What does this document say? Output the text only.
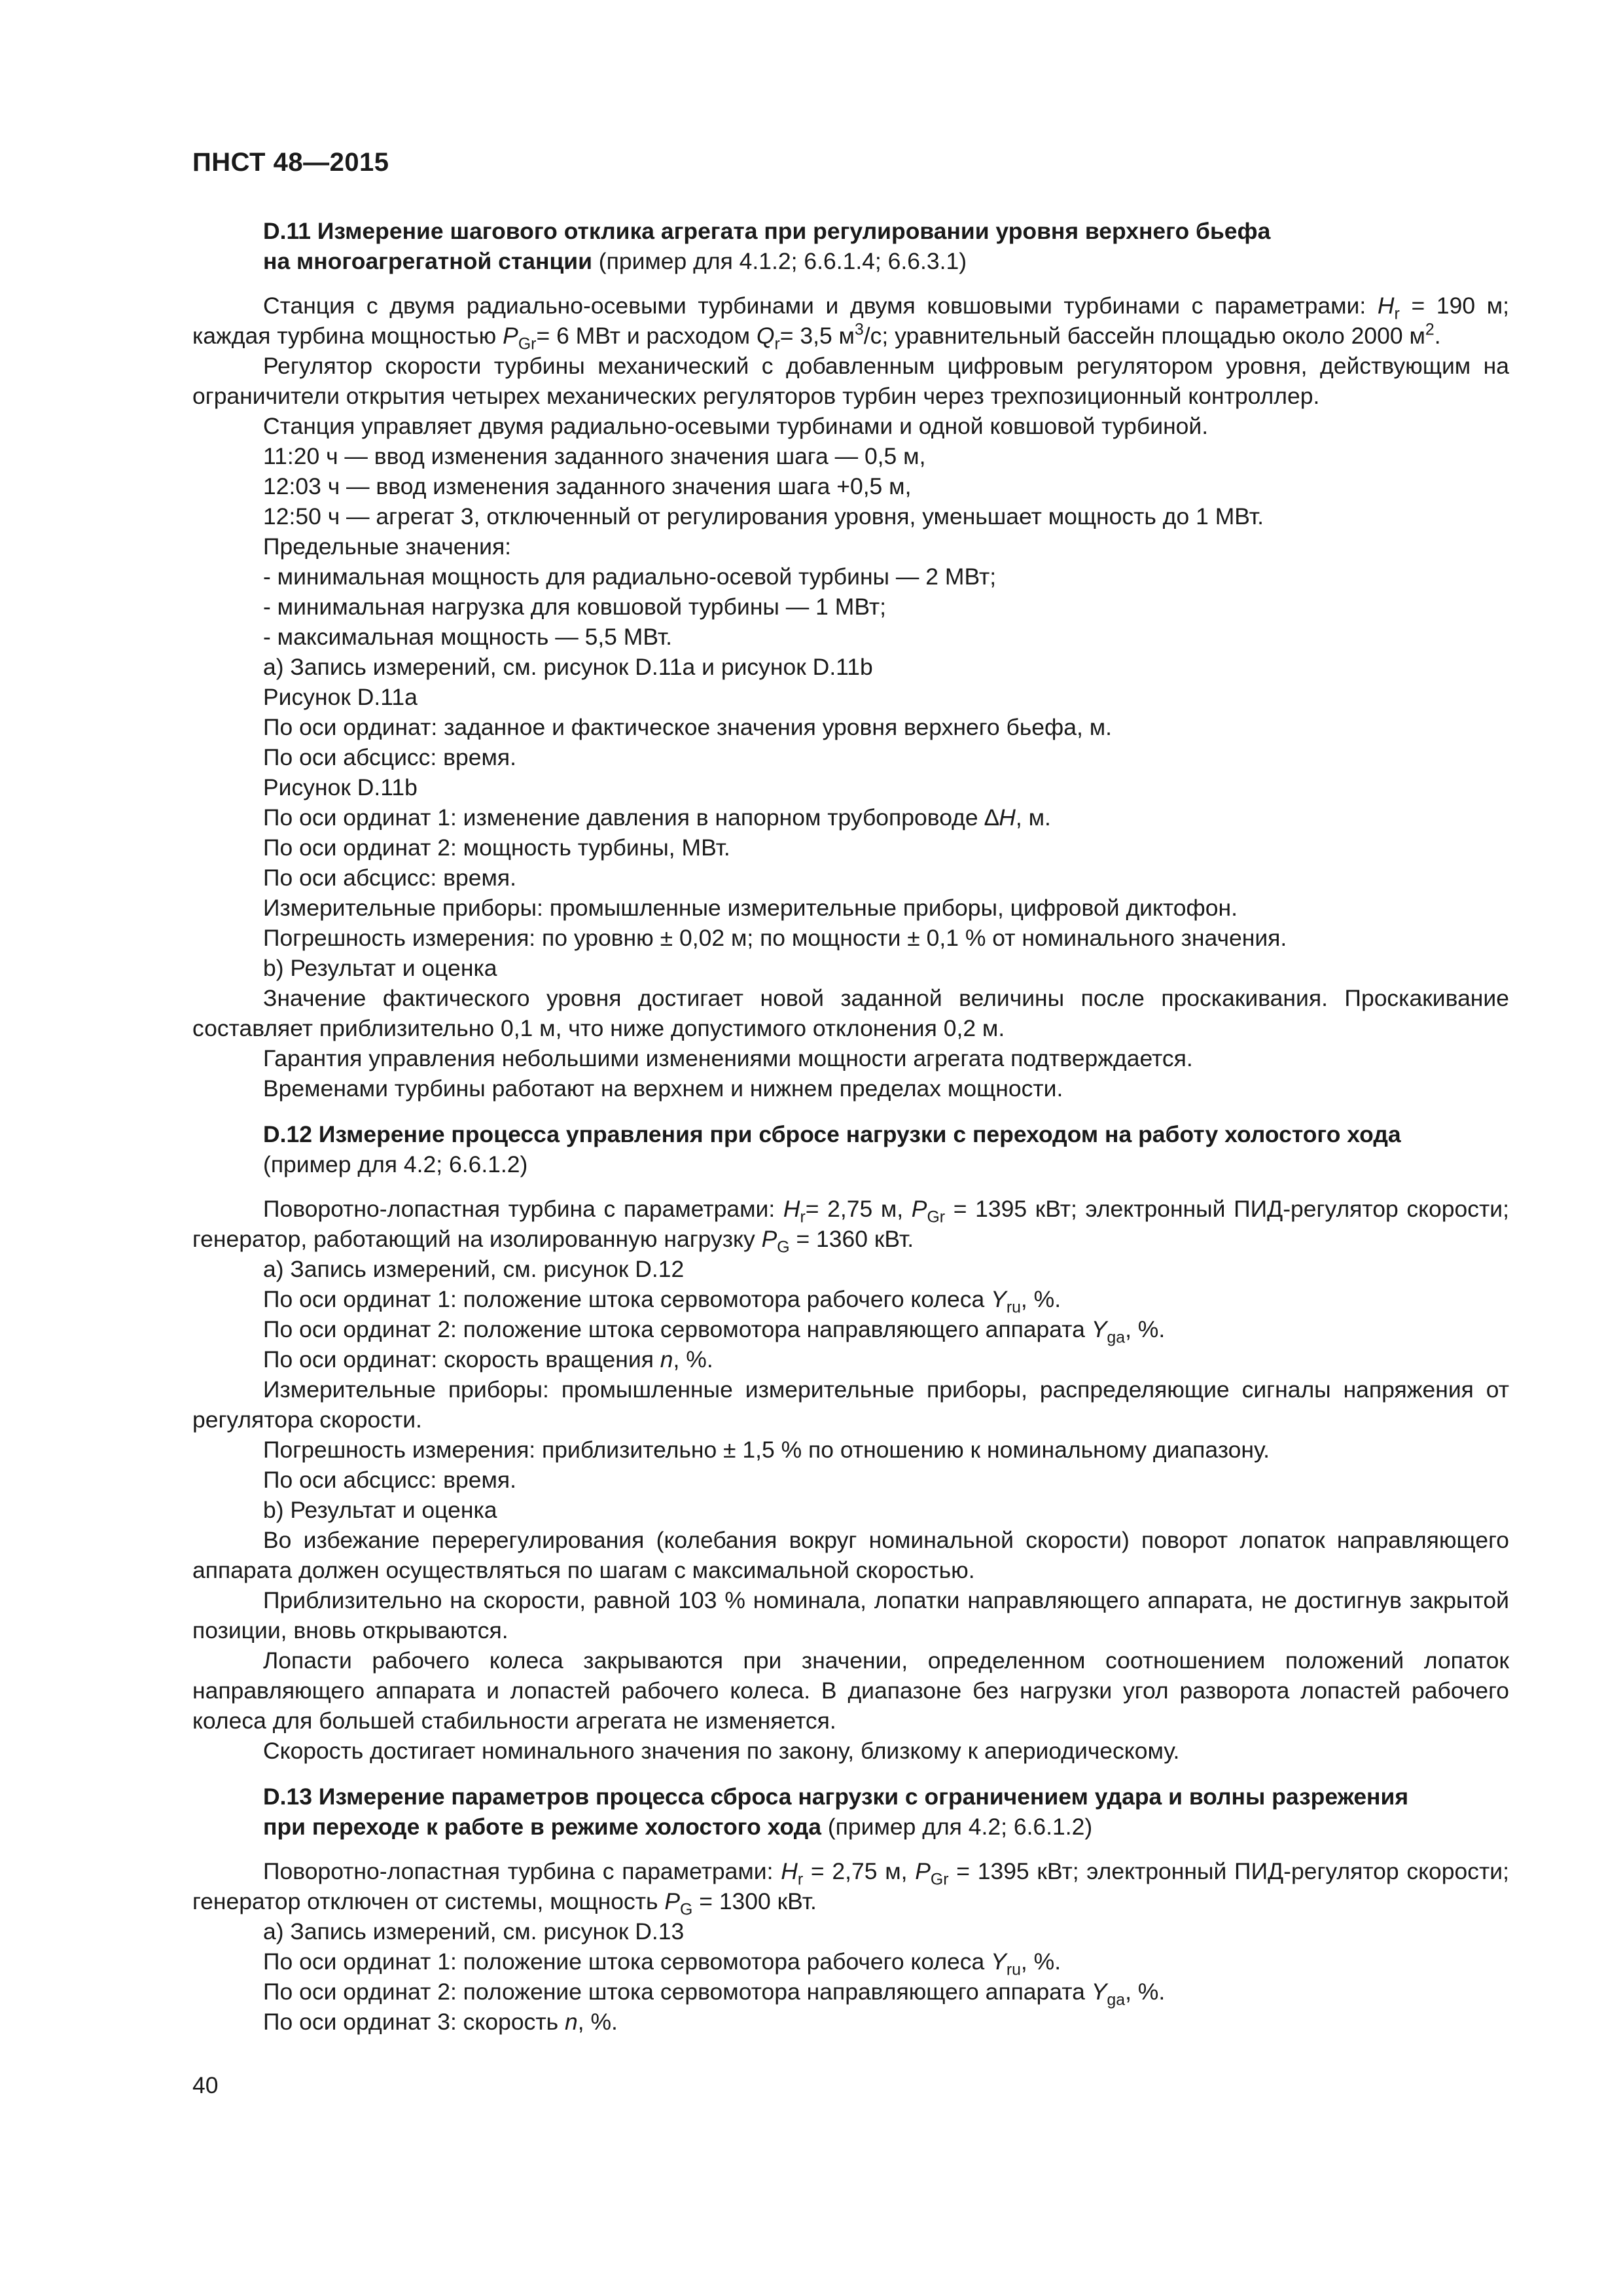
ПНСТ 48—2015
D.11 Измерение шагового отклика агрегата при регулировании уровня верхнего бьефа
на многоагрегатной станции (пример для 4.1.2; 6.6.1.4; 6.6.3.1)

Станция с двумя радиально-осевыми турбинами и двумя ковшовыми турбинами с параметрами: $H_r = 190$ м; каждая турбина мощностью $P_{Gr}= 6$ МВт и расходом $Q_r= 3,5$ $м^3/с$; уравнительный бассейн площадью около 2000 $м^2$.

Регулятор скорости турбины механический с добавленным цифровым регулятором уровня, действующим на ограничители открытия четырех механических регуляторов турбин через трехпозиционный контроллер.

Станция управляет двумя радиально-осевыми турбинами и одной ковшовой турбиной.

11:20 ч — ввод изменения заданного значения шага — 0,5 м,

12:03 ч — ввод изменения заданного значения шага +0,5 м,

12:50 ч — агрегат 3, отключенный от регулирования уровня, уменьшает мощность до 1 МВт.

Предельные значения:

- минимальная мощность для радиально-осевой турбины — 2 МВт;

- минимальная нагрузка для ковшовой турбины — 1 МВт;

- максимальная мощность — 5,5 МВт.

a) Запись измерений, см. рисунок D.11a и рисунок D.11b

Рисунок D.11a

По оси ординат: заданное и фактическое значения уровня верхнего бьефа, м.

По оси абсцисс: время.

Рисунок D.11b

По оси ординат 1: изменение давления в напорном трубопроводе ∆H, м.

По оси ординат 2: мощность турбины, МВт.

По оси абсцисс: время.

Измерительные приборы: промышленные измерительные приборы, цифровой диктофон.

Погрешность измерения: по уровню ± 0,02 м; по мощности ± 0,1 % от номинального значения.

b) Результат и оценка

Значение фактического уровня достигает новой заданной величины после проскакивания. Проскакивание составляет приблизительно 0,1 м, что ниже допустимого отклонения 0,2 м.

Гарантия управления небольшими изменениями мощности агрегата подтверждается.

Временами турбины работают на верхнем и нижнем пределах мощности.

D.12 Измерение процесса управления при сбросе нагрузки с переходом на работу холостого хода
(пример для 4.2; 6.6.1.2)

Поворотно-лопастная турбина с параметрами: $H_r= 2,75$ м, $P_{Gr} = 1395$ кВт; электронный ПИД-регулятор скорости; генератор, работающий на изолированную нагрузку $P_G = 1360$ кВт.

a) Запись измерений, см. рисунок D.12

По оси ординат 1: положение штока сервомотора рабочего колеса $Y_{ru}$, %.

По оси ординат 2: положение штока сервомотора направляющего аппарата $Y_{ga}$, %.

По оси ординат: скорость вращения n, %.

Измерительные приборы: промышленные измерительные приборы, распределяющие сигналы напряжения от регулятора скорости.

Погрешность измерения: приблизительно ± 1,5 % по отношению к номинальному диапазону.

По оси абсцисс: время.

b) Результат и оценка

Во избежание перерегулирования (колебания вокруг номинальной скорости) поворот лопаток направляющего аппарата должен осуществляться по шагам с максимальной скоростью.

Приблизительно на скорости, равной 103 % номинала, лопатки направляющего аппарата, не достигнув закрытой позиции, вновь открываются.

Лопасти рабочего колеса закрываются при значении, определенном соотношением положений лопаток направляющего аппарата и лопастей рабочего колеса. В диапазоне без нагрузки угол разворота лопастей рабочего колеса для большей стабильности агрегата не изменяется.

Скорость достигает номинального значения по закону, близкому к апериодическому.

D.13 Измерение параметров процесса сброса нагрузки с ограничением удара и волны разрежения
при переходе к работе в режиме холостого хода (пример для 4.2; 6.6.1.2)

Поворотно-лопастная турбина с параметрами: $H_r = 2,75$ м, $P_{Gr} = 1395$ кВт; электронный ПИД-регулятор скорости; генератор отключен от системы, мощность $P_G = 1300$ кВт.

a) Запись измерений, см. рисунок D.13

По оси ординат 1: положение штока сервомотора рабочего колеса $Y_{ru}$, %.

По оси ординат 2: положение штока сервомотора направляющего аппарата $Y_{ga}$, %.

По оси ординат 3: скорость n, %.

40
